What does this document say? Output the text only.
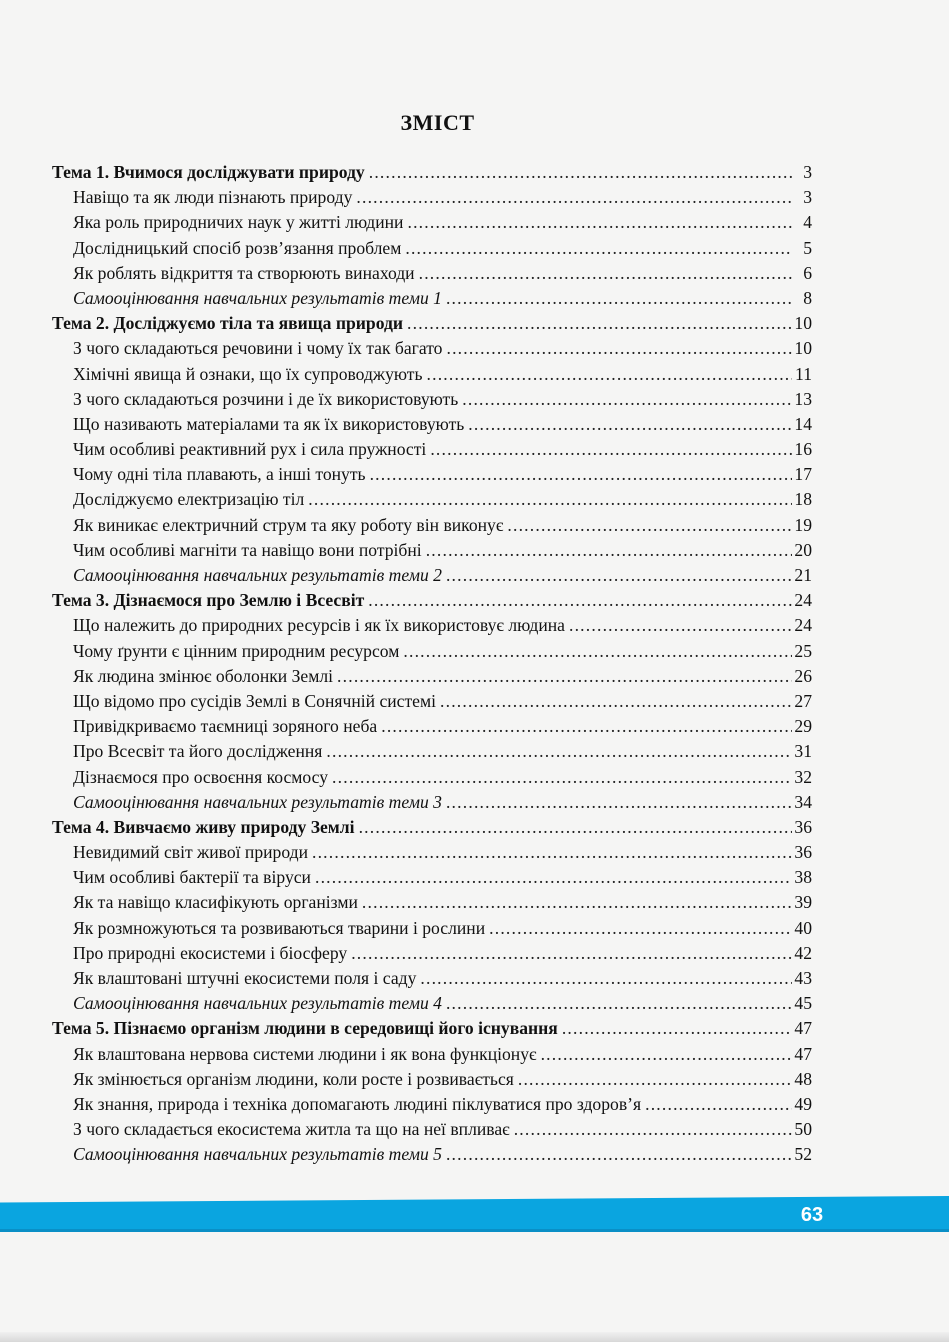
ЗМІСТ
Тема 1. Вчимося досліджувати природу .....	3
Навіщо та як люди пізнають природу .....	3
Яка роль природничих наук у житті людини .....	4
Дослідницький спосіб розв’язання проблем .....	5
Як роблять відкриття та створюють винаходи .....	6
Самооцінювання навчальних результатів теми 1 .....	8
Тема 2. Досліджуємо тіла та явища природи .....	10
З чого складаються речовини і чому їх так багато .....	10
Хімічні явища й ознаки, що їх супроводжують .....	11
З чого складаються розчини і де їх використовують .....	13
Що називають матеріалами та як їх використовують .....	14
Чим особливі реактивний рух і сила пружності .....	16
Чому одні тіла плавають, а інші тонуть .....	17
Досліджуємо електризацію тіл .....	18
Як виникає електричний струм та яку роботу він виконує .....	19
Чим особливі магніти та навіщо вони потрібні .....	20
Самооцінювання навчальних результатів теми 2 .....	21
Тема 3. Дізнаємося про Землю і Всесвіт .....	24
Що належить до природних ресурсів і як їх використовує людина .....	24
Чому ґрунти є цінним природним ресурсом .....	25
Як людина змінює оболонки Землі .....	26
Що відомо про сусідів Землі в Сонячній системі .....	27
Привідкриваємо таємниці зоряного неба .....	29
Про Всесвіт та його дослідження .....	31
Дізнаємося про освоєння космосу .....	32
Самооцінювання навчальних результатів теми 3 .....	34
Тема 4. Вивчаємо живу природу Землі .....	36
Невидимий світ живої природи .....	36
Чим особливі бактерії та віруси .....	38
Як та навіщо класифікують організми .....	39
Як розмножуються та розвиваються тварини і рослини .....	40
Про природні екосистеми і біосферу .....	42
Як влаштовані штучні екосистеми поля і саду .....	43
Самооцінювання навчальних результатів теми 4 .....	45
Тема 5. Пізнаємо організм людини в середовищі його існування .....	47
Як влаштована нервова системи людини і як вона функціонує .....	47
Як змінюється організм людини, коли росте і розвивається .....	48
Як знання, природа і техніка допомагають людині піклуватися про здоров’я .....	49
З чого складається екосистема житла та що на неї впливає .....	50
Самооцінювання навчальних результатів теми 5 .....	52
63
